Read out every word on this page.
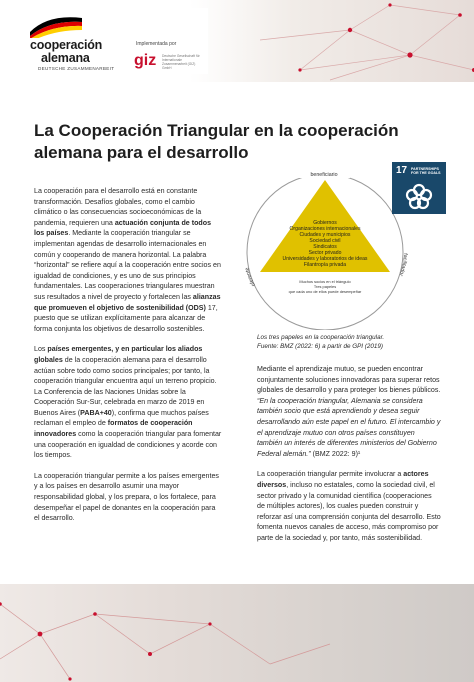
cooperación
alemana
DEUTSCHE ZUSAMMENARBEIT
Implementada por
giz Deutsche Gesellschaft für Internationale Zusammenarbeit (GIZ) GmbH
La Cooperación Triangular en la cooperación alemana para el desarrollo

La cooperación para el desarrollo está en constante transformación. Desafíos globales, como el cambio climático o las consecuencias socioeconómicas de la pandemia, requieren una actuación conjunta de todos los países. Mediante la cooperación triangular se implementan agendas de desarrollo internacionales en común y cooperando de manera horizontal. La palabra “horizontal” se refiere aquí a la cooperación entre socios en igualdad de condiciones, y es uno de sus principios fundamentales. Las cooperaciones triangulares muestran sus resultados a nivel de proyecto y fortalecen las alianzas que promueven el objetivo de sostenibilidad (ODS) 17, puesto que se utilizan explícitamente para alcanzar de forma conjunta los objetivos de desarrollo sostenibles.

Los países emergentes, y en particular los aliados globales de la cooperación alemana para el desarrollo actúan sobre todo como socios principales; por tanto, la cooperación triangular encuentra aquí un terreno propicio. La Conferencia de las Naciones Unidas sobre la Cooperación Sur-Sur, celebrada en marzo de 2019 en Buenos Aires (PABA+40), confirma que muchos países reclaman el empleo de formatos de cooperación innovadores como la cooperación triangular para fomentar una cooperación en igualdad de condiciones y acorde con los tiempos.

La cooperación triangular permite a los países emergentes y a los países en desarrollo asumir una mayor responsabilidad global, y los prepara, o los fortalece, para desempeñar el papel de donantes en la cooperación para el desarrollo.

beneficiario
oferente
facilitador
Gobiernos
Organizaciones internacionales
Ciudades y municipios
Sociedad civil
Sindicatos
Sector privado
Universidades y laboratorios de ideas
Filantropía privada
Muchos socios en el triángulo
Tres papeles
que cada uno de ellos puede desempeñar
17 PARTNERSHIPS FOR THE GOALS
Los tres papeles en la cooperación triangular.
Fuente: BMZ (2022: 6) a partir de GPI (2019)

Mediante el aprendizaje mutuo, se pueden encontrar conjuntamente soluciones innovadoras para superar retos globales de desarrollo y para proteger los bienes públicos. “En la cooperación triangular, Alemania se considera también socio que está aprendiendo y desea seguir desarrollando aún este papel en el futuro. El intercambio y el aprendizaje mutuo con otros países constituyen también un interés de diferentes ministerios del Gobierno Federal alemán.” (BMZ 2022: 9)¹

La cooperación triangular permite involucrar a actores diversos, incluso no estatales, como la sociedad civil, el sector privado y la comunidad científica (cooperaciones de múltiples actores), los cuales pueden construir y reforzar así una comprensión conjunta del desarrollo. Esto fomenta nuevos canales de acceso, más compromiso por parte de la sociedad y, por tanto, más sostenibilidad.
